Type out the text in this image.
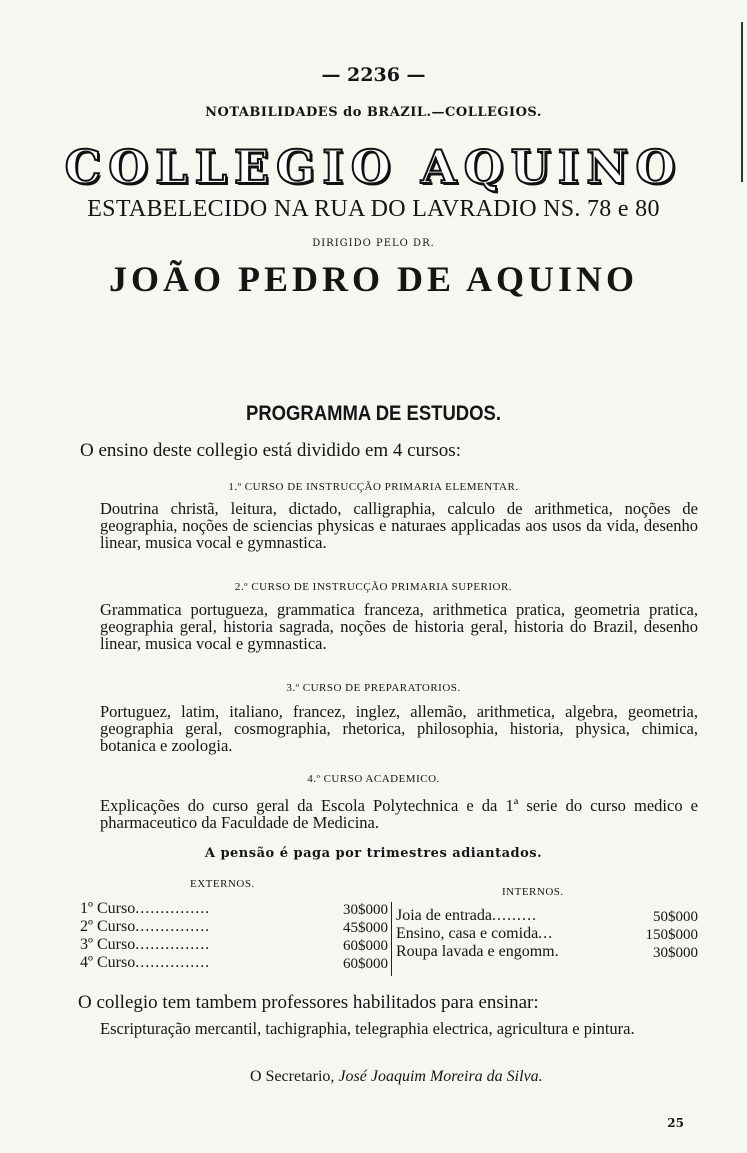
— 2236 —
NOTABILIDADES do BRAZIL.—COLLEGIOS.
COLLEGIO AQUINO
ESTABELECIDO NA RUA DO LAVRADIO NS. 78 e 80
DIRIGIDO PELO DR.
JOÃO PEDRO DE AQUINO
PROGRAMMA DE ESTUDOS.
O ensino deste collegio está dividido em 4 cursos:
1.º CURSO DE INSTRUCÇÃO PRIMARIA ELEMENTAR.
Doutrina christã, leitura, dictado, calligraphia, calculo de arithmetica, noções de geographia, noções de sciencias physicas e naturaes applicadas aos usos da vida, desenho linear, musica vocal e gymnastica.
2.º CURSO DE INSTRUCÇÃO PRIMARIA SUPERIOR.
Grammatica portugueza, grammatica franceza, arithmetica pratica, geometria pratica, geographia geral, historia sagrada, noções de historia geral, historia do Brazil, desenho linear, musica vocal e gymnastica.
3.º CURSO DE PREPARATORIOS.
Portuguez, latim, italiano, francez, inglez, allemão, arithmetica, algebra, geometria, geographia geral, cosmographia, rhetorica, philosophia, historia, physica, chimica, botanica e zoologia.
4.º CURSO ACADEMICO.
Explicações do curso geral da Escola Polytechnica e da 1ª serie do curso medico e pharmaceutico da Faculdade de Medicina.
A pensão é paga por trimestres adiantados.
EXTERNOS.
INTERNOS.
1º Curso...............
2º Curso...............
3º Curso...............
4º Curso...............
30$000
45$000
60$000
60$000
Joia de entrada.........
Ensino, casa e comida...
Roupa lavada e engomm.
50$000
150$000
30$000
O collegio tem tambem professores habilitados para ensinar:
Escripturação mercantil, tachigraphia, telegraphia electrica, agricultura e pintura.
O Secretario, José Joaquim Moreira da Silva.
25
